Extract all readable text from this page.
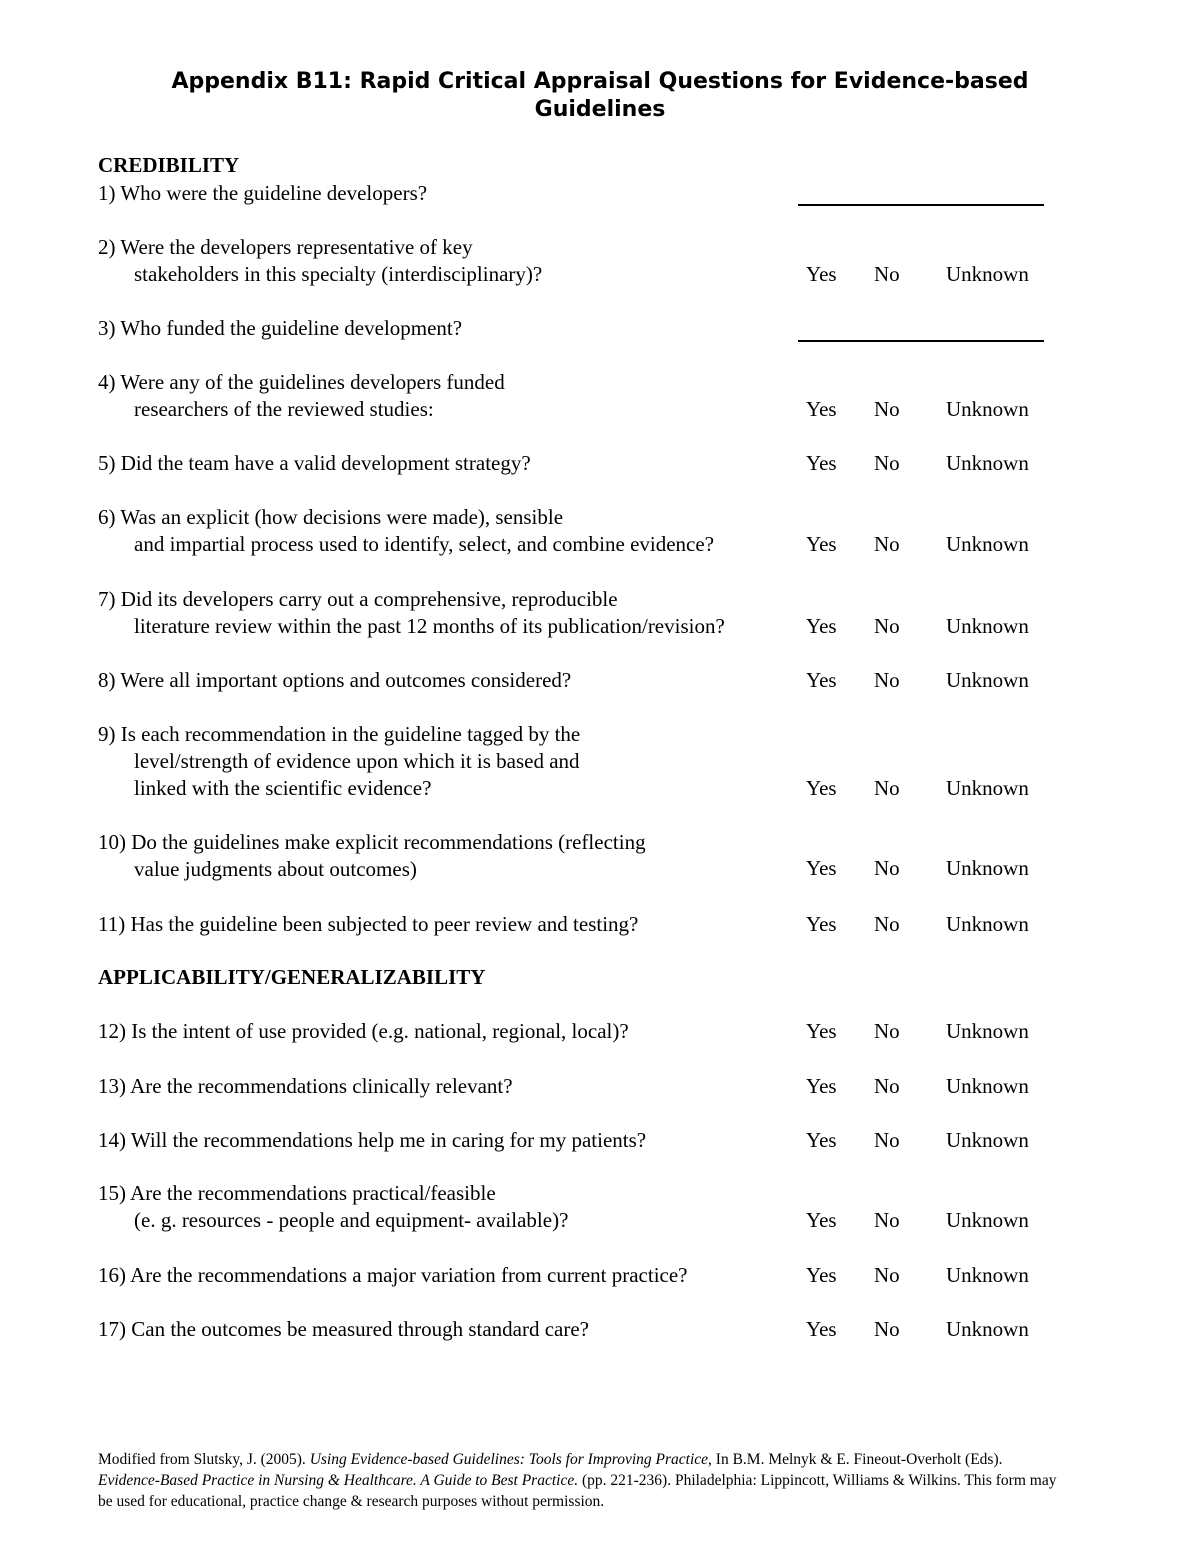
Appendix B11: Rapid Critical Appraisal Questions for Evidence-based
Guidelines
CREDIBILITY
1) Who were the guideline developers?
2) Were the developers representative of key
stakeholders in this specialty (interdisciplinary)?	Yes No Unknown
3) Who funded the guideline development?
4) Were any of the guidelines developers funded
researchers of the reviewed studies:	Yes No Unknown
5) Did the team have a valid development strategy?	Yes No Unknown
6) Was an explicit (how decisions were made), sensible
and impartial process used to identify, select, and combine evidence?	Yes No Unknown
7) Did its developers carry out a comprehensive, reproducible
literature review within the past 12 months of its publication/revision?	Yes No Unknown
8) Were all important options and outcomes considered?	Yes No Unknown
9) Is each recommendation in the guideline tagged by the
level/strength of evidence upon which it is based and
linked with the scientific evidence?	Yes No Unknown
10) Do the guidelines make explicit recommendations (reflecting
value judgments about outcomes)	Yes No Unknown
11) Has the guideline been subjected to peer review and testing?	Yes No Unknown
APPLICABILITY/GENERALIZABILITY
12) Is the intent of use provided (e.g. national, regional, local)?	Yes No Unknown
13) Are the recommendations clinically relevant?	Yes No Unknown
14) Will the recommendations help me in caring for my patients?	Yes No Unknown
15) Are the recommendations practical/feasible
(e. g. resources - people and equipment- available)?	Yes No Unknown
16) Are the recommendations a major variation from current practice?	Yes No Unknown
17) Can the outcomes be measured through standard care?	Yes No Unknown
Modified from Slutsky, J. (2005). Using Evidence-based Guidelines: Tools for Improving Practice, In B.M. Melnyk & E. Fineout-Overholt (Eds). Evidence-Based Practice in Nursing & Healthcare. A Guide to Best Practice. (pp. 221-236). Philadelphia: Lippincott, Williams & Wilkins. This form may be used for educational, practice change & research purposes without permission.
